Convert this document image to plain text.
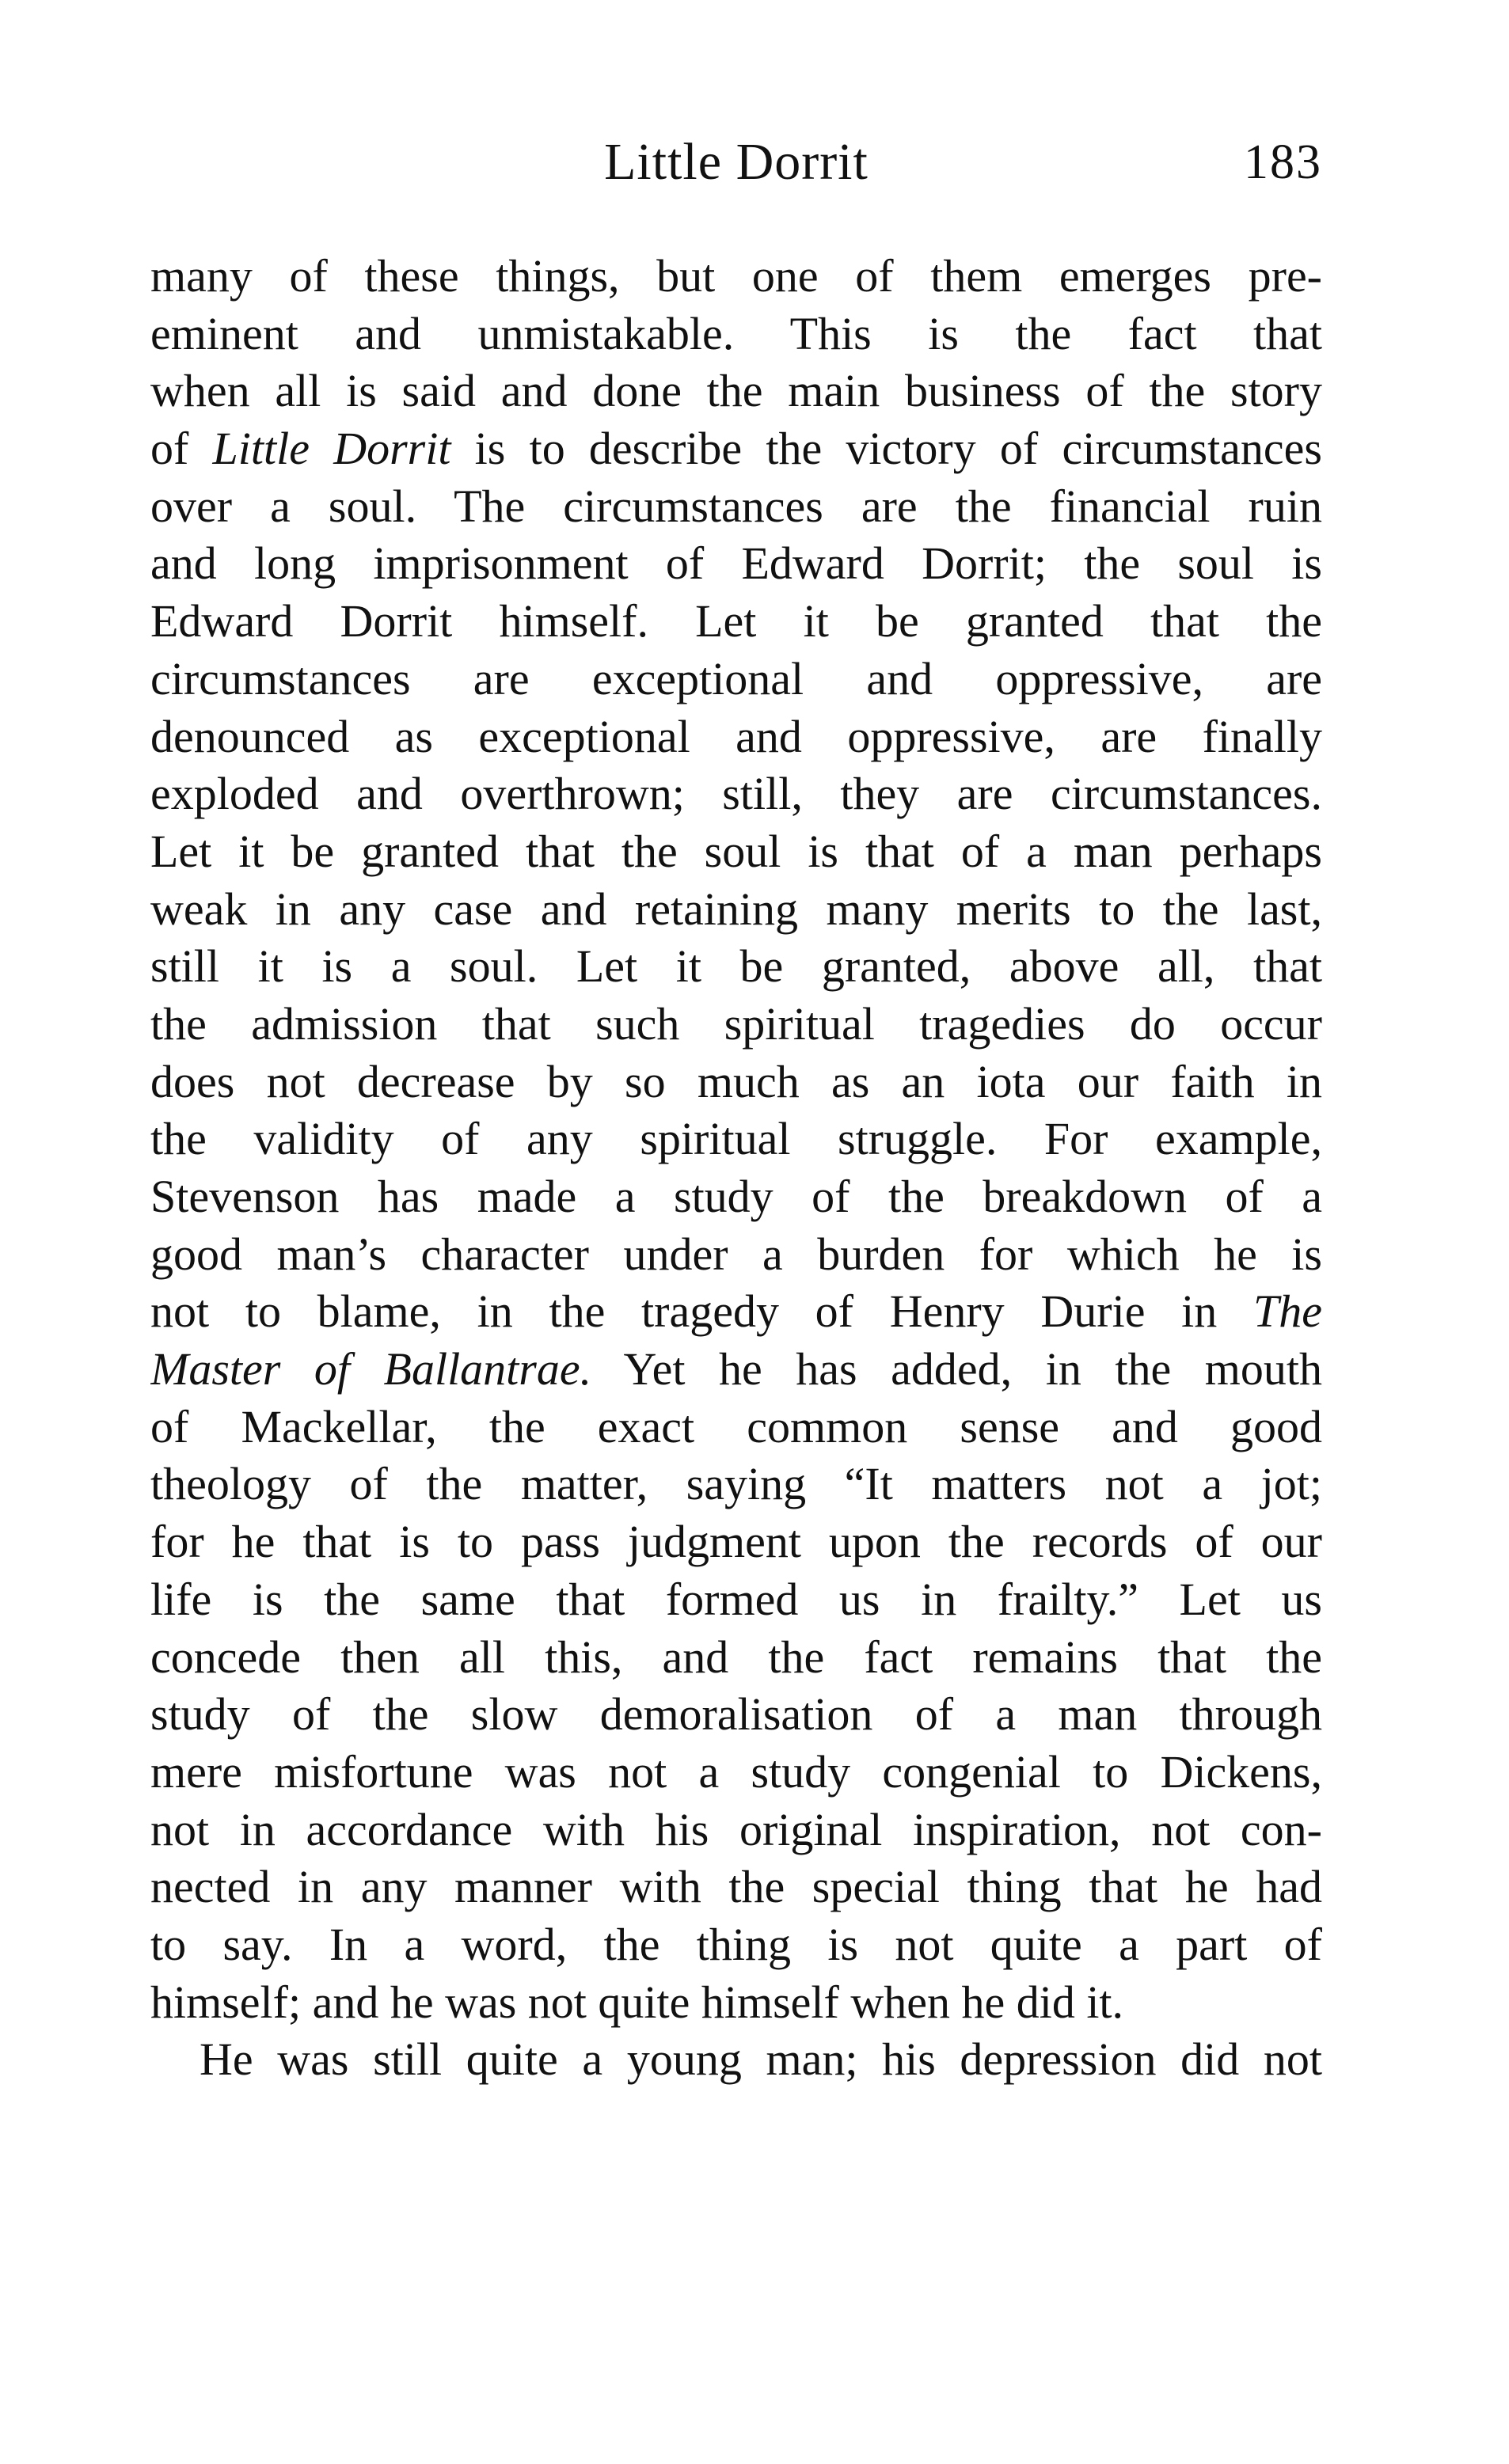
Little Dorrit	183
many of these things, but one of them emerges pre-
eminent and unmistakable. This is the fact that
when all is said and done the main business of the story
of Little Dorrit is to describe the victory of circumstances
over a soul. The circumstances are the financial ruin
and long imprisonment of Edward Dorrit; the soul is
Edward Dorrit himself. Let it be granted that the
circumstances are exceptional and oppressive, are
denounced as exceptional and oppressive, are finally
exploded and overthrown; still, they are circumstances.
Let it be granted that the soul is that of a man perhaps
weak in any case and retaining many merits to the last,
still it is a soul. Let it be granted, above all, that
the admission that such spiritual tragedies do occur
does not decrease by so much as an iota our faith in
the validity of any spiritual struggle. For example,
Stevenson has made a study of the breakdown of a
good man’s character under a burden for which he is
not to blame, in the tragedy of Henry Durie in The
Master of Ballantrae. Yet he has added, in the mouth
of Mackellar, the exact common sense and good
theology of the matter, saying “It matters not a jot;
for he that is to pass judgment upon the records of our
life is the same that formed us in frailty.” Let us
concede then all this, and the fact remains that the
study of the slow demoralisation of a man through
mere misfortune was not a study congenial to Dickens,
not in accordance with his original inspiration, not con-
nected in any manner with the special thing that he had
to say. In a word, the thing is not quite a part of
himself; and he was not quite himself when he did it.
He was still quite a young man; his depression did not
